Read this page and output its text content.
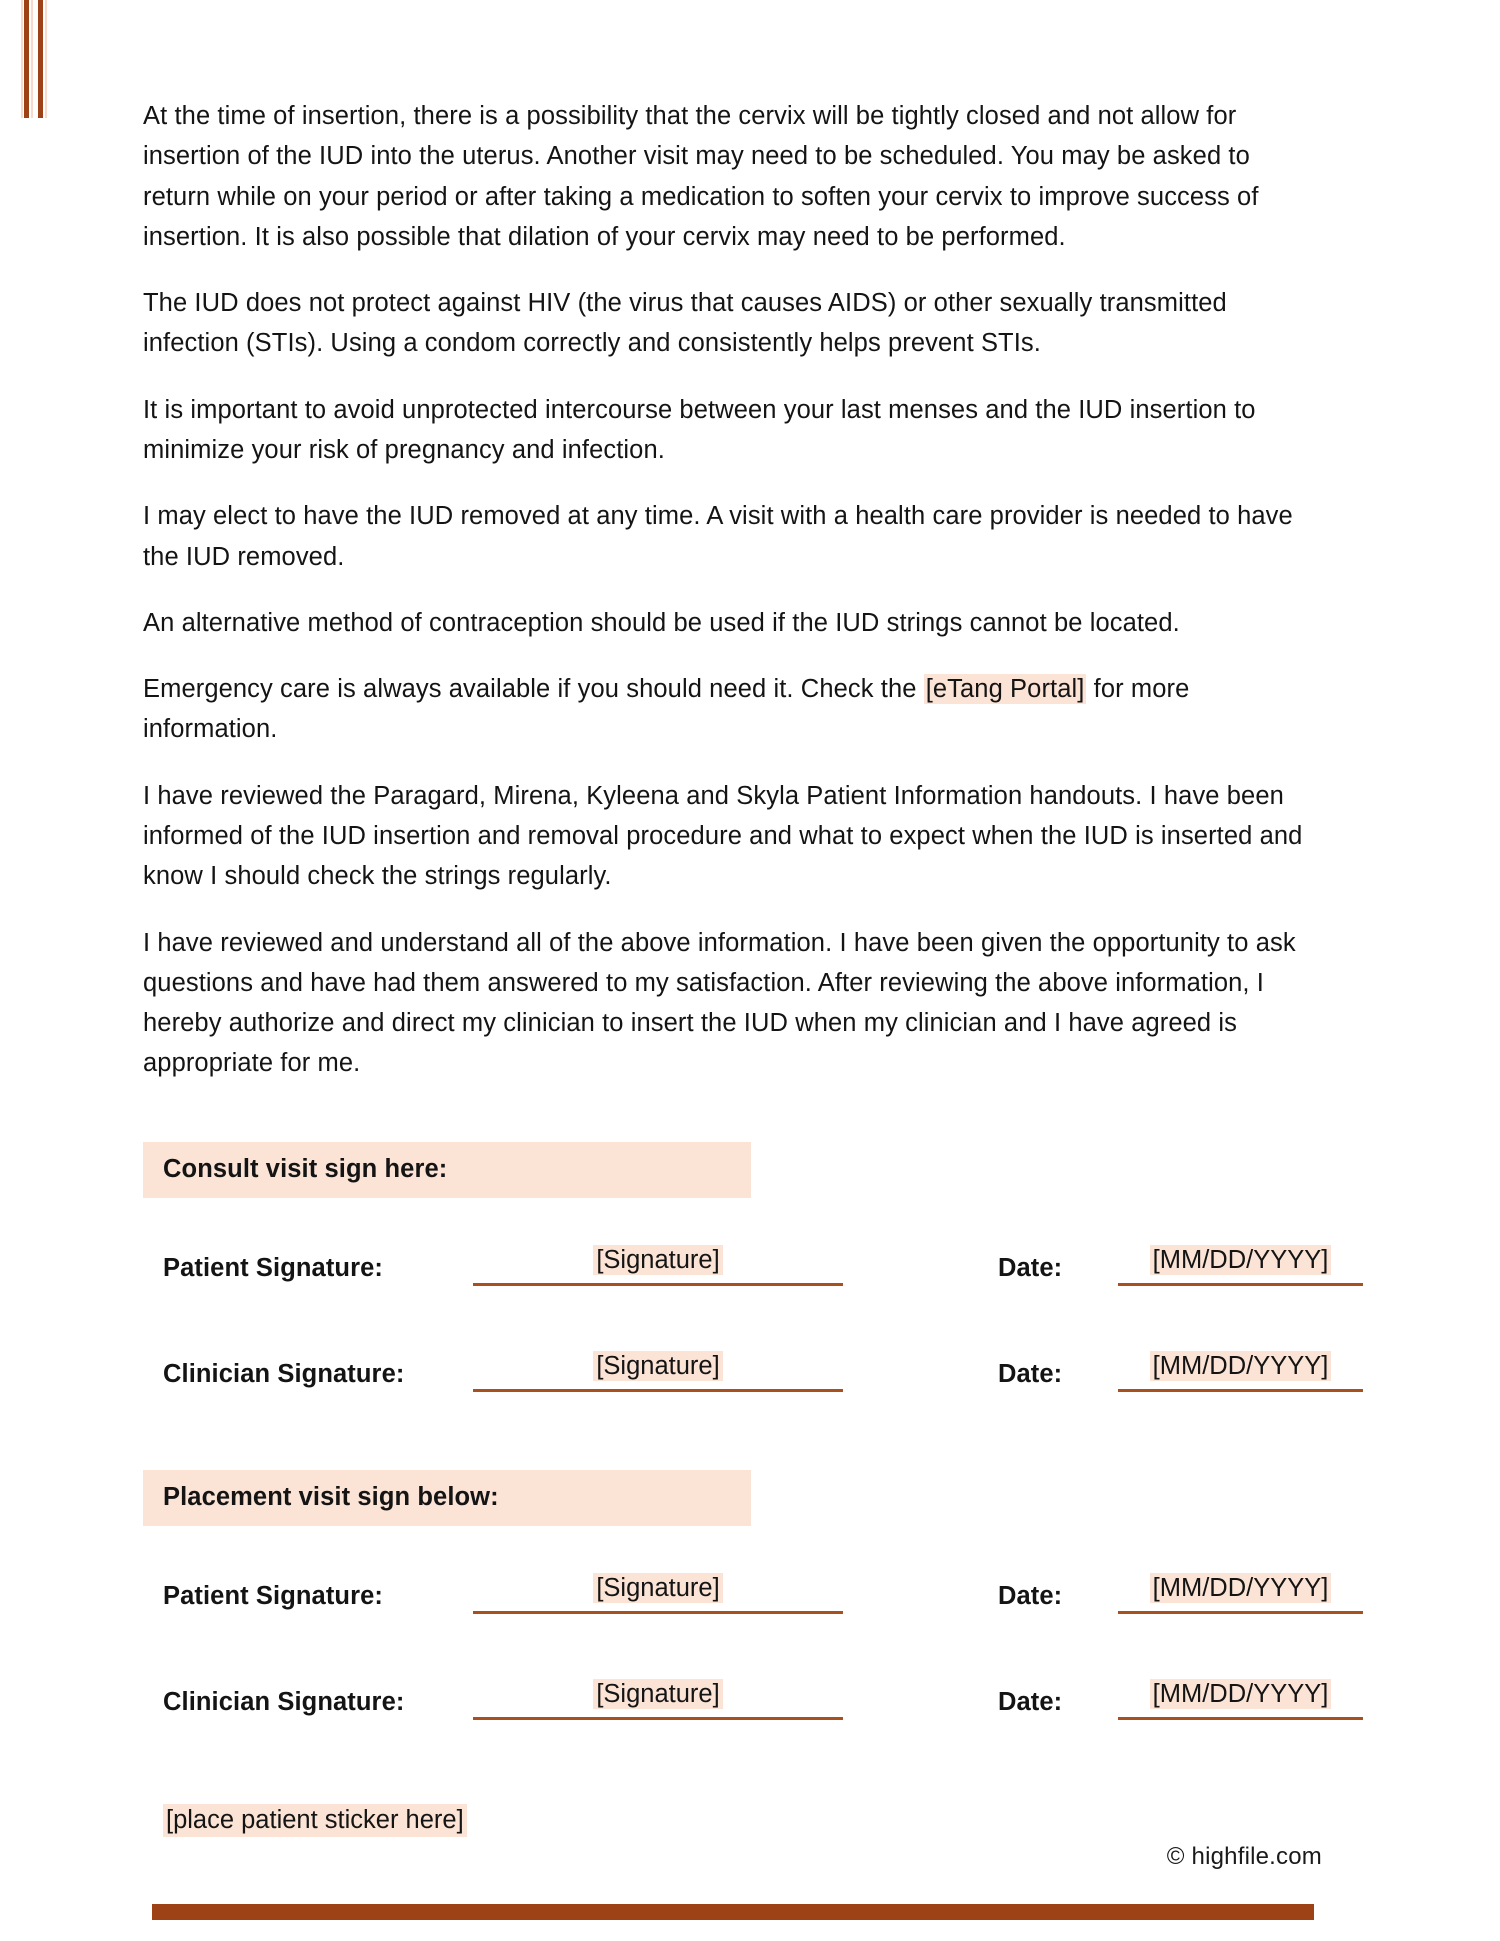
At the time of insertion, there is a possibility that the cervix will be tightly closed and not allow for insertion of the IUD into the uterus. Another visit may need to be scheduled. You may be asked to return while on your period or after taking a medication to soften your cervix to improve success of insertion. It is also possible that dilation of your cervix may need to be performed.

The IUD does not protect against HIV (the virus that causes AIDS) or other sexually transmitted infection (STIs). Using a condom correctly and consistently helps prevent STIs.

It is important to avoid unprotected intercourse between your last menses and the IUD insertion to minimize your risk of pregnancy and infection.

I may elect to have the IUD removed at any time. A visit with a health care provider is needed to have the IUD removed.

An alternative method of contraception should be used if the IUD strings cannot be located.

Emergency care is always available if you should need it. Check the [eTang Portal] for more information.

I have reviewed the Paragard, Mirena, Kyleena and Skyla Patient Information handouts. I have been informed of the IUD insertion and removal procedure and what to expect when the IUD is inserted and know I should check the strings regularly.

I have reviewed and understand all of the above information. I have been given the opportunity to ask questions and have had them answered to my satisfaction. After reviewing the above information, I hereby authorize and direct my clinician to insert the IUD when my clinician and I have agreed is appropriate for me.

Consult visit sign here:
Patient Signature:	[Signature]	Date:	[MM/DD/YYYY]
Clinician Signature:	[Signature]	Date:	[MM/DD/YYYY]
Placement visit sign below:
Patient Signature:	[Signature]	Date:	[MM/DD/YYYY]
Clinician Signature:	[Signature]	Date:	[MM/DD/YYYY]
[place patient sticker here]
© highfile.com
